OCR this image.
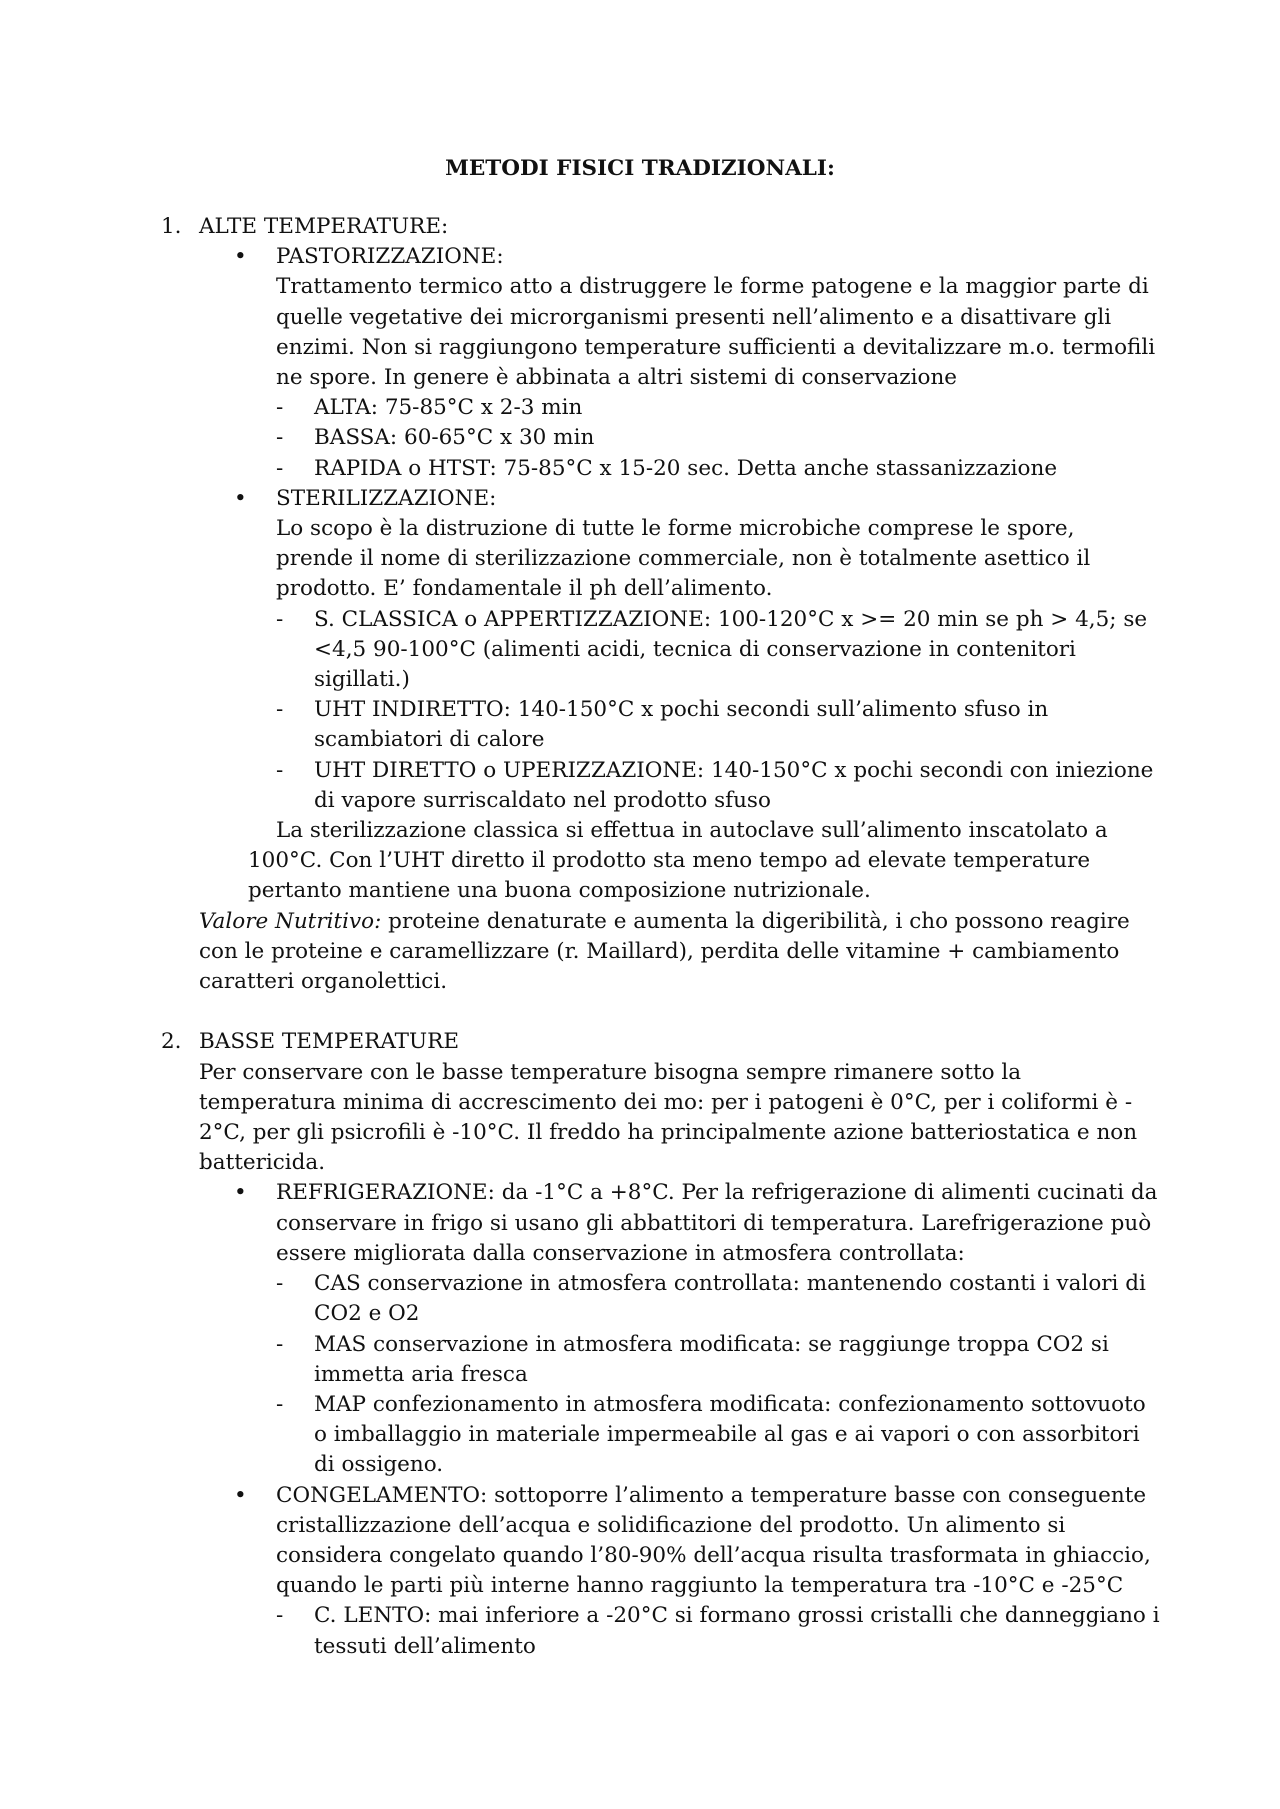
METODI FISICI TRADIZIONALI:
1. ALTE TEMPERATURE:

• PASTORIZZAZIONE:

Trattamento termico atto a distruggere le forme patogene e la maggior parte di
quelle vegetative dei microrganismi presenti nell’alimento e a disattivare gli
enzimi. Non si raggiungono temperature sufficienti a devitalizzare m.o. termofili
ne spore. In genere è abbinata a altri sistemi di conservazione
-	ALTA: 75-85°C x 2-3 min
-	BASSA: 60-65°C x 30 min
-	RAPIDA o HTST: 75-85°C x 15-20 sec. Detta anche stassanizzazione
• STERILIZZAZIONE:

Lo scopo è la distruzione di tutte le forme microbiche comprese le spore,
prende il nome di sterilizzazione commerciale, non è totalmente asettico il
prodotto. E’ fondamentale il ph dell’alimento.
- S. CLASSICA o APPERTIZZAZIONE: 100-120°C x >= 20 min se ph > 4,5; se
<4,5 90-100°C (alimenti acidi, tecnica di conservazione in contenitori
sigillati.)
- UHT INDIRETTO: 140-150°C x pochi secondi sull’alimento sfuso in
scambiatori di calore
- UHT DIRETTO o UPERIZZAZIONE: 140-150°C x pochi secondi con iniezione
di vapore surriscaldato nel prodotto sfuso
La sterilizzazione classica si effettua in autoclave sull’alimento inscatolato a
100°C. Con l’UHT diretto il prodotto sta meno tempo ad elevate temperature
pertanto mantiene una buona composizione nutrizionale.
Valore Nutritivo: proteine denaturate e aumenta la digeribilità, i cho possono reagire
con le proteine e caramellizzare (r. Maillard), perdita delle vitamine + cambiamento
caratteri organolettici.
2. BASSE TEMPERATURE

Per conservare con le basse temperature bisogna sempre rimanere sotto la
temperatura minima di accrescimento dei mo: per i patogeni è 0°C, per i coliformi è -
2°C, per gli psicrofili è -10°C. Il freddo ha principalmente azione batteriostatica e non
battericida.
• REFRIGERAZIONE: da -1°C a +8°C. Per la refrigerazione di alimenti cucinati da
conservare in frigo si usano gli abbattitori di temperatura. Larefrigerazione può
essere migliorata dalla conservazione in atmosfera controllata:
- CAS conservazione in atmosfera controllata: mantenendo costanti i valori di
CO2 e O2
- MAS conservazione in atmosfera modificata: se raggiunge troppa CO2 si
immetta aria fresca
- MAP confezionamento in atmosfera modificata: confezionamento sottovuoto
o imballaggio in materiale impermeabile al gas e ai vapori o con assorbitori
di ossigeno.
• CONGELAMENTO: sottoporre l’alimento a temperature basse con conseguente
cristallizzazione dell’acqua e solidificazione del prodotto. Un alimento si
considera congelato quando l’80-90% dell’acqua risulta trasformata in ghiaccio,
quando le parti più interne hanno raggiunto la temperatura tra -10°C e -25°C
- C. LENTO: mai inferiore a -20°C si formano grossi cristalli che danneggiano i
tessuti dell’alimento
